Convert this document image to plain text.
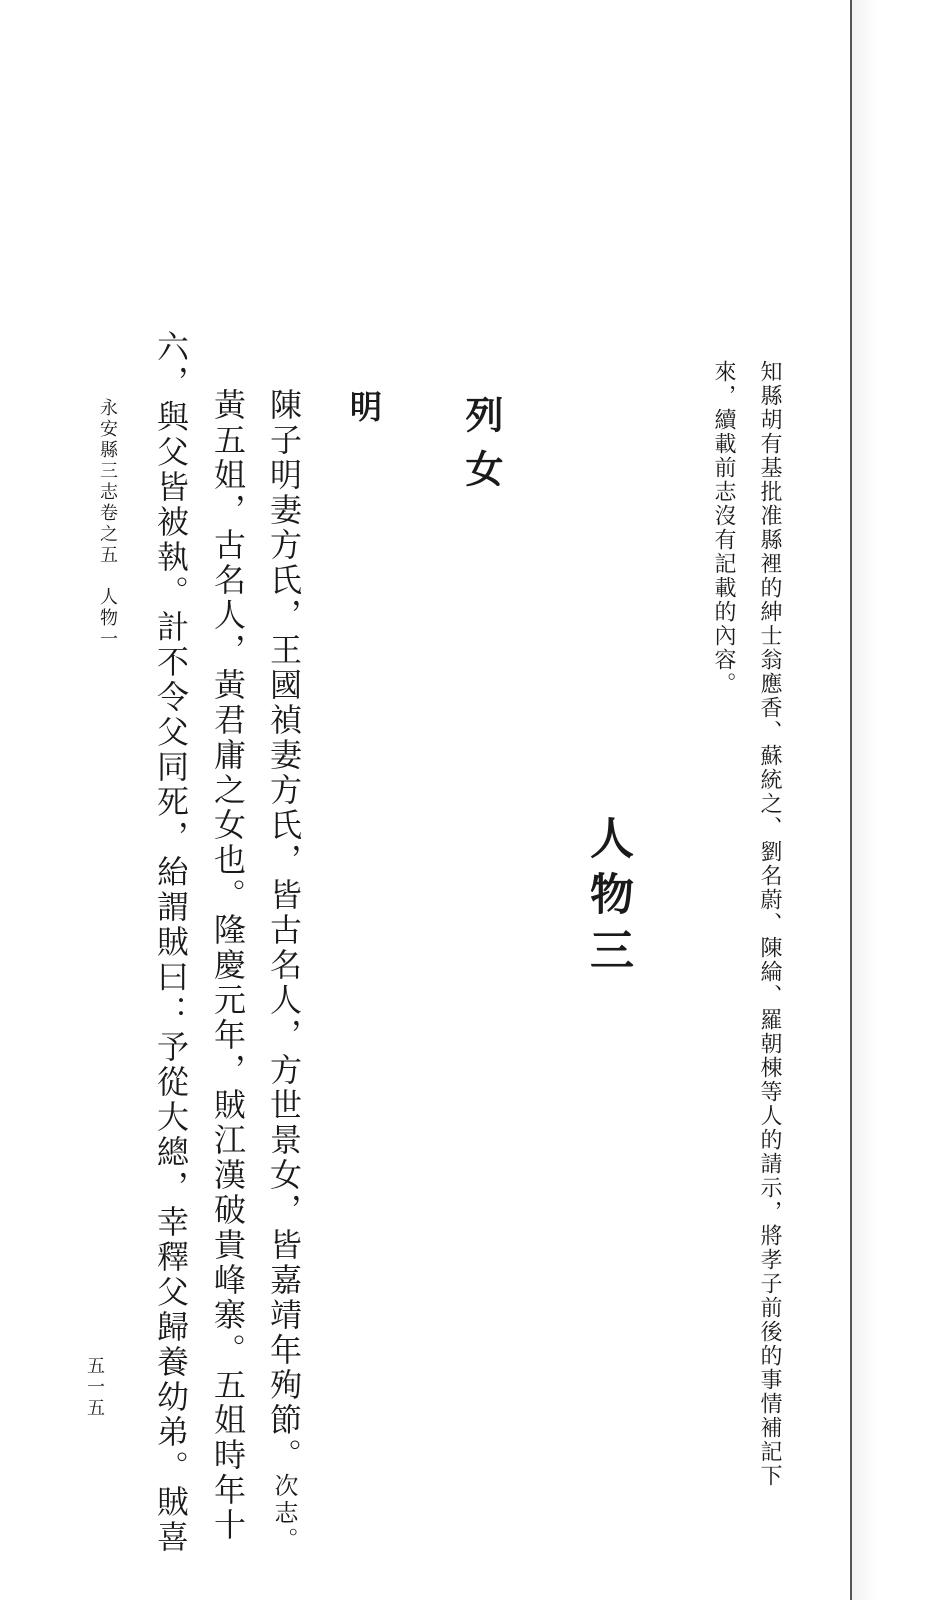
知縣胡有基批准縣裡的紳士翁應香、蘇統之、劉名蔚、陳綸、羅朝棟等人的請示，將孝子前後的事情補記下
來，續載前志沒有記載的內容。
人物三
列女
明
陳子明妻方氏，王國禎妻方氏，皆古名人，方世景女，皆嘉靖年殉節。次志。
黃五姐，古名人，黃君庸之女也。隆慶元年，賊江漢破貴峰寨。五姐時年十
六，與父皆被執。計不令父同死，紿謂賊曰：予從大總，幸釋父歸養幼弟。賊喜
永安縣三志卷之五　人物一
五一五
